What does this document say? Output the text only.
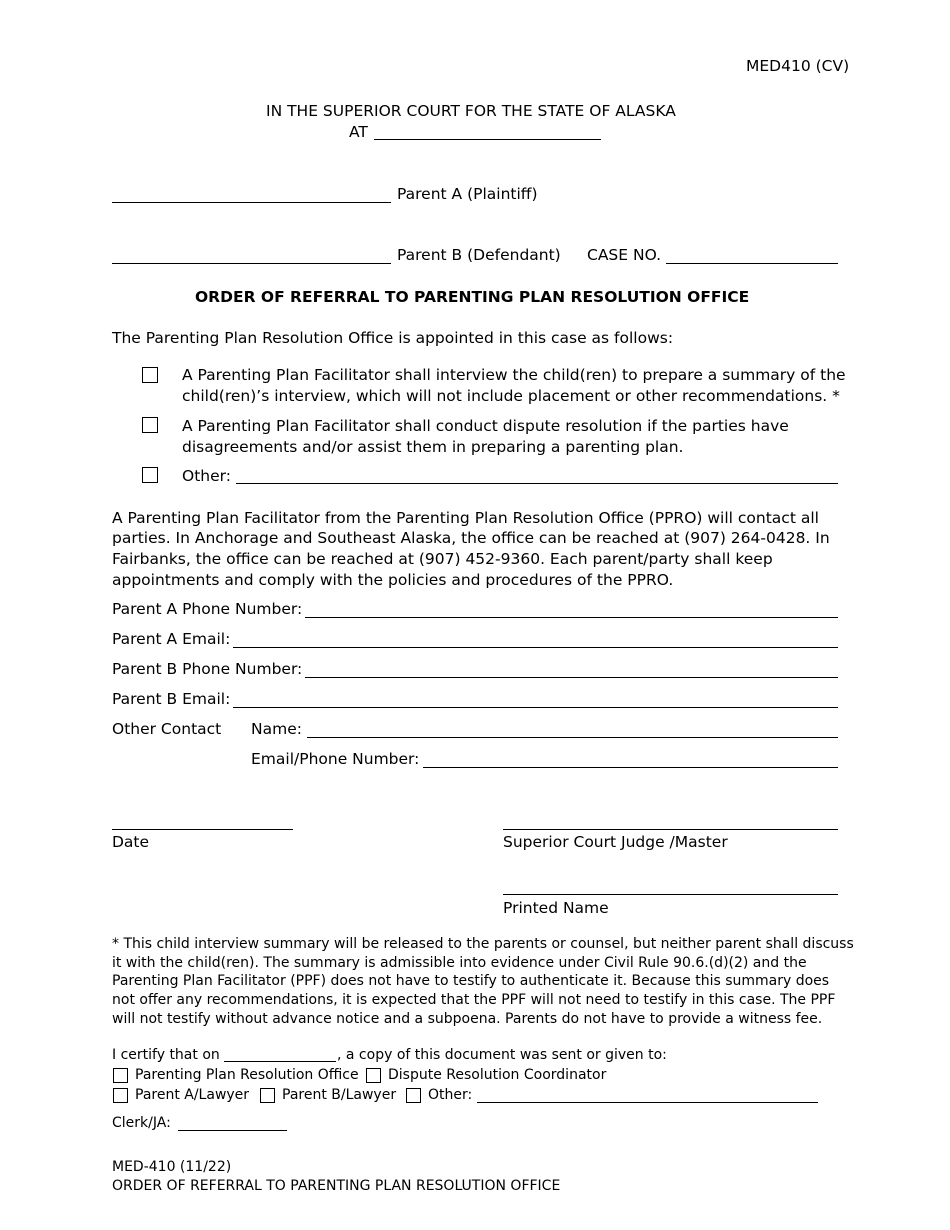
MED410 (CV)
IN THE SUPERIOR COURT FOR THE STATE OF ALASKA
AT
Parent A (Plaintiff)
Parent B (Defendant) CASE NO.
ORDER OF REFERRAL TO PARENTING PLAN RESOLUTION OFFICE
The Parenting Plan Resolution Office is appointed in this case as follows:
A Parenting Plan Facilitator shall interview the child(ren) to prepare a summary of the
child(ren)’s interview, which will not include placement or other recommendations. *
A Parenting Plan Facilitator shall conduct dispute resolution if the parties have
disagreements and/or assist them in preparing a parenting plan.
Other:
A Parenting Plan Facilitator from the Parenting Plan Resolution Office (PPRO) will contact all
parties. In Anchorage and Southeast Alaska, the office can be reached at (907) 264-0428. In
Fairbanks, the office can be reached at (907) 452-9360. Each parent/party shall keep
appointments and comply with the policies and procedures of the PPRO.
Parent A Phone Number:
Parent A Email:
Parent B Phone Number:
Parent B Email:
Other Contact Name:
Email/Phone Number:
Date	Superior Court Judge /Master
Printed Name
* This child interview summary will be released to the parents or counsel, but neither parent shall discuss
it with the child(ren). The summary is admissible into evidence under Civil Rule 90.6.(d)(2) and the
Parenting Plan Facilitator (PPF) does not have to testify to authenticate it. Because this summary does
not offer any recommendations, it is expected that the PPF will not need to testify in this case. The PPF
will not testify without advance notice and a subpoena. Parents do not have to provide a witness fee.
I certify that on	, a copy of this document was sent or given to:
Parenting Plan Resolution Office Dispute Resolution Coordinator
Parent A/Lawyer Parent B/Lawyer Other:
Clerk/JA:
MED-410 (11/22)
ORDER OF REFERRAL TO PARENTING PLAN RESOLUTION OFFICE
